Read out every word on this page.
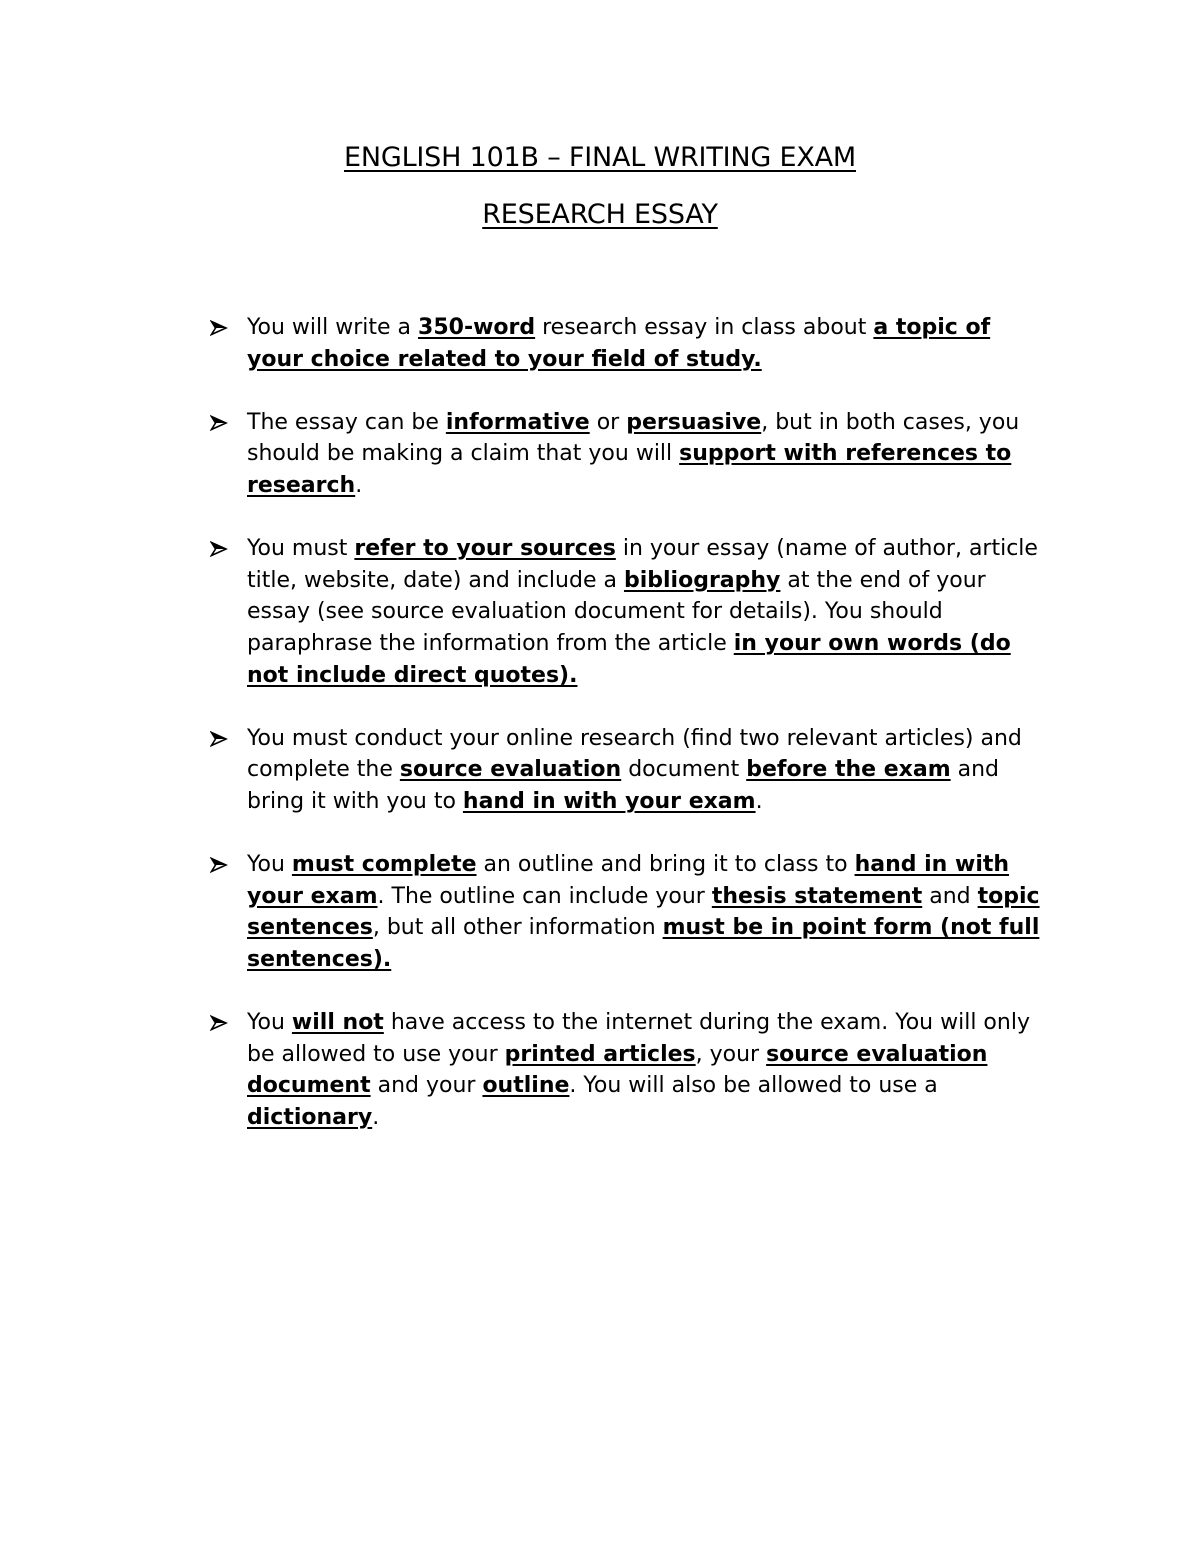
ENGLISH 101B – FINAL WRITING EXAM

RESEARCH ESSAY

You will write a 350-word research essay in class about a topic of your choice related to your field of study.
The essay can be informative or persuasive, but in both cases, you should be making a claim that you will support with references to research.
You must refer to your sources in your essay (name of author, article title, website, date) and include a bibliography at the end of your essay (see source evaluation document for details). You should paraphrase the information from the article in your own words (do not include direct quotes).
You must conduct your online research (find two relevant articles) and complete the source evaluation document before the exam and bring it with you to hand in with your exam.
You must complete an outline and bring it to class to hand in with your exam. The outline can include your thesis statement and topic sentences, but all other information must be in point form (not full sentences).
You will not have access to the internet during the exam. You will only be allowed to use your printed articles, your source evaluation document and your outline. You will also be allowed to use a dictionary.
